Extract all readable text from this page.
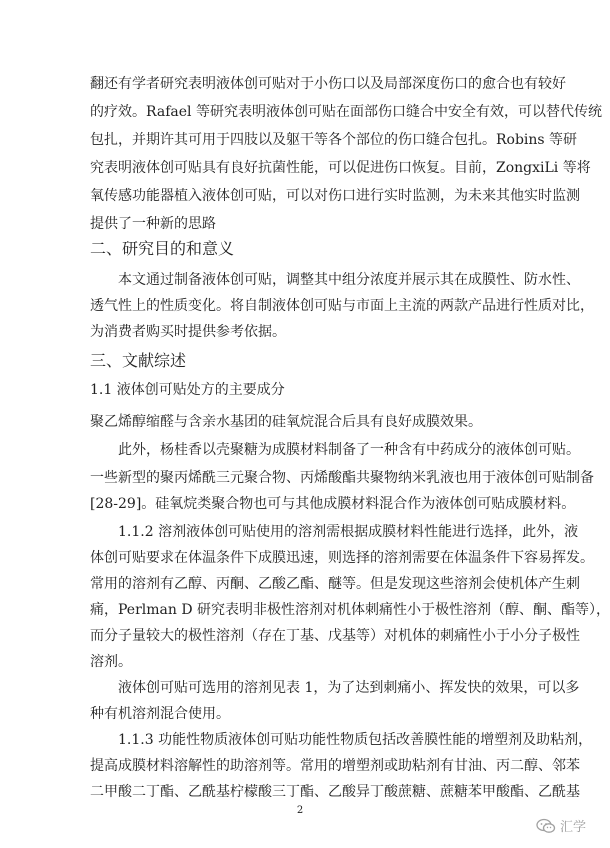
翻还有学者研究表明液体创可贴对于小伤口以及局部深度伤口的愈合也有较好
的疗效。Rafael 等研究表明液体创可贴在面部伤口缝合中安全有效，可以替代传统
包扎，并期许其可用于四肢以及躯干等各个部位的伤口缝合包扎。Robins 等研
究表明液体创可贴具有良好抗菌性能，可以促进伤口恢复。目前，ZongxiLi 等将
氧传感功能器植入液体创可贴，可以对伤口进行实时监测，为未来其他实时监测
提供了一种新的思路
二、研究目的和意义
本文通过制备液体创可贴，调整其中组分浓度并展示其在成膜性、防水性、
透气性上的性质变化。将自制液体创可贴与市面上主流的两款产品进行性质对比，
为消费者购买时提供参考依据。
三、文献综述
1.1 液体创可贴处方的主要成分
聚乙烯醇缩醛与含亲水基团的硅氧烷混合后具有良好成膜效果。
此外，杨桂香以壳聚糖为成膜材料制备了一种含有中药成分的液体创可贴。
一些新型的聚丙烯酰三元聚合物、丙烯酸酯共聚物纳米乳液也用于液体创可贴制备
[28-29]。硅氧烷类聚合物也可与其他成膜材料混合作为液体创可贴成膜材料。
1.1.2 溶剂液体创可贴使用的溶剂需根据成膜材料性能进行选择，此外，液
体创可贴要求在体温条件下成膜迅速，则选择的溶剂需要在体温条件下容易挥发。
常用的溶剂有乙醇、丙酮、乙酸乙酯、醚等。但是发现这些溶剂会使机体产生刺
痛，Perlman D 研究表明非极性溶剂对机体刺痛性小于极性溶剂（醇、酮、酯等），
而分子量较大的极性溶剂（存在丁基、戊基等）对机体的刺痛性小于小分子极性
溶剂。
液体创可贴可选用的溶剂见表 1，为了达到刺痛小、挥发快的效果，可以多
种有机溶剂混合使用。
1.1.3 功能性物质液体创可贴功能性物质包括改善膜性能的增塑剂及助粘剂，
提高成膜材料溶解性的助溶剂等。常用的增塑剂或助粘剂有甘油、丙二醇、邻苯
二甲酸二丁酯、乙酰基柠檬酸三丁酯、乙酸异丁酸蔗糖、蔗糖苯甲酸酯、乙酰基
2
汇学
